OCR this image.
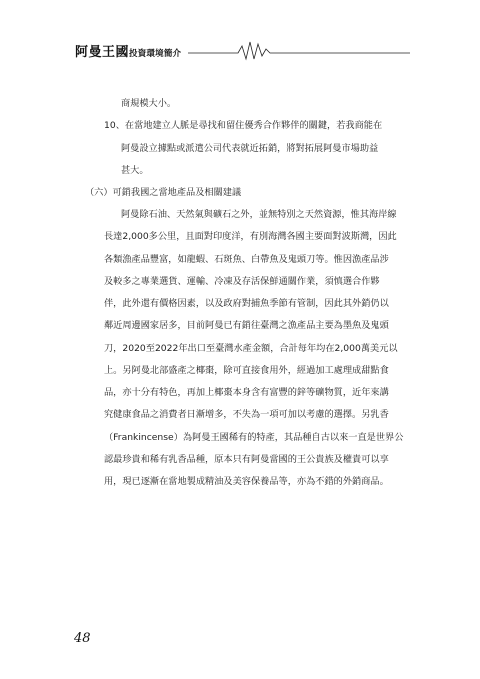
阿曼王國投資環境簡介
商規模大小。
10、在當地建立人脈是尋找和留住優秀合作夥伴的關鍵，若我商能在
阿曼設立據點或派遣公司代表就近拓銷，將對拓展阿曼市場助益
甚大。
（六）可銷我國之當地產品及相關建議
阿曼除石油、天然氣與礦石之外，並無特別之天然資源，惟其海岸線
長達2,000多公里，且面對印度洋，有別海灣各國主要面對波斯灣，因此
各類漁產品豐富，如龍蝦、石斑魚、白帶魚及鬼頭刀等。惟因漁產品涉
及較多之專業選貨、運輸、冷凍及存活保鮮通關作業，須慎選合作夥
伴，此外還有價格因素，以及政府對捕魚季節有管制，因此其外銷仍以
鄰近周邊國家居多，目前阿曼已有銷往臺灣之漁產品主要為墨魚及鬼頭
刀，2020至2022年出口至臺灣水產金額，合計每年均在2,000萬美元以
上。另阿曼北部盛產之椰棗，除可直接食用外，經過加工處理成甜點食
品，亦十分有特色，再加上椰棗本身含有富豐的鋅等礦物質，近年來講
究健康食品之消費者日漸增多，不失為一項可加以考慮的選擇。另乳香
（Frankincense）為阿曼王國稀有的特產，其品種自古以來一直是世界公
認最珍貴和稀有乳香品種，原本只有阿曼當國的王公貴族及權貴可以享
用，現已逐漸在當地製成精油及美容保養品等，亦為不錯的外銷商品。
48
